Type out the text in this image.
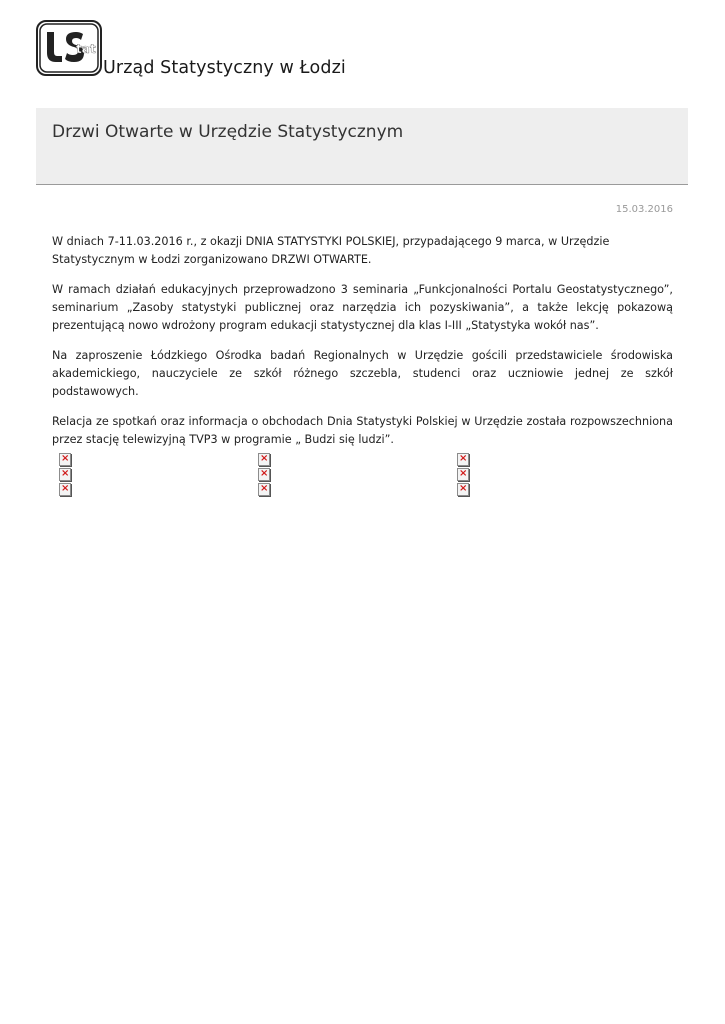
tat
Urząd Statystyczny w Łodzi
Drzwi Otwarte w Urzędzie Statystycznym
15.03.2016

W dniach 7-11.03.2016 r., z okazji DNIA STATYSTYKI POLSKIEJ, przypadającego 9 marca, w Urzędzie Statystycznym w Łodzi zorganizowano DRZWI OTWARTE.

W ramach działań edukacyjnych przeprowadzono 3 seminaria „Funkcjonalności Portalu Geostatystycznego”, seminarium „Zasoby statystyki publicznej oraz narzędzia ich pozyskiwania”, a także lekcję pokazową prezentującą nowo wdrożony program edukacji statystycznej dla klas I-III „Statystyka wokół nas”.

Na zaproszenie Łódzkiego Ośrodka badań Regionalnych w Urzędzie gościli przedstawiciele środowiska akademickiego, nauczyciele ze szkół różnego szczebla, studenci oraz uczniowie jednej ze szkół podstawowych.

Relacja ze spotkań oraz informacja o obchodach Dnia Statystyki Polskiej w Urzędzie została rozpowszechniona przez stację telewizyjną TVP3 w programie „ Budzi się ludzi”.

×
×
×
×
×
×
×
×
×
